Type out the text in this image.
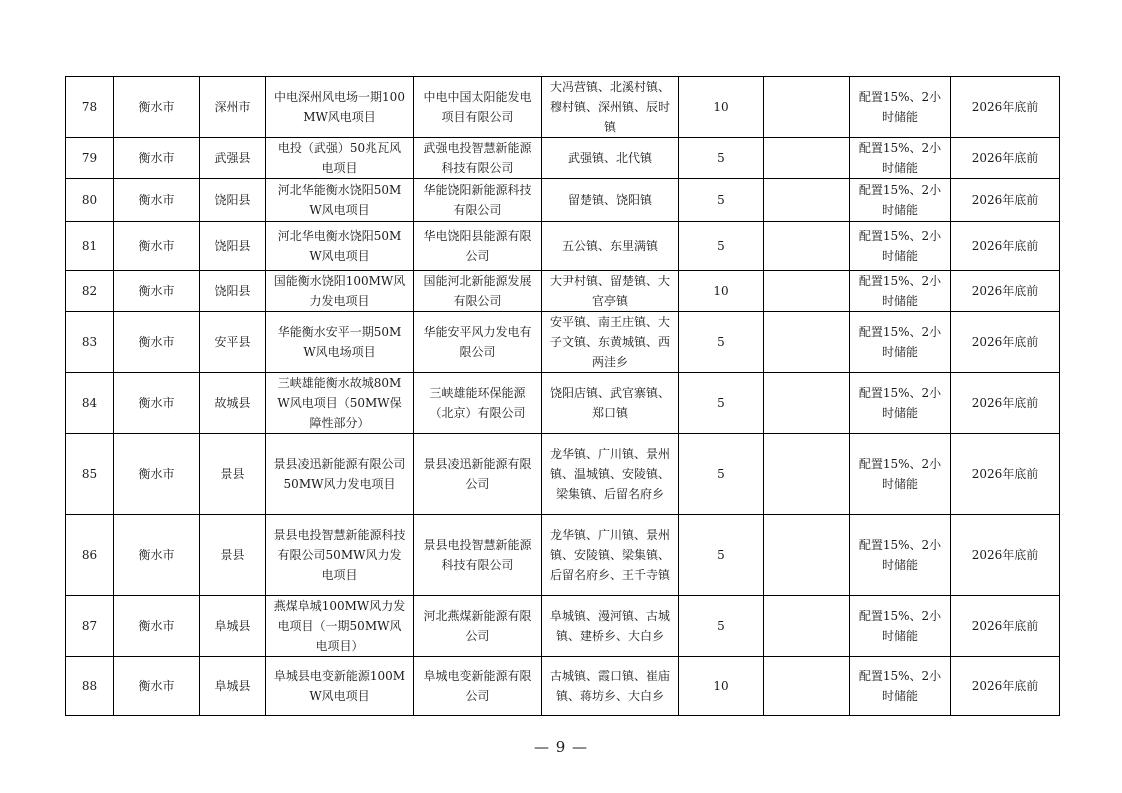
78	衡水市	深州市	中电深州风电场一期100MW风电项目	中电中国太阳能发电项目有限公司	大冯营镇、北溪村镇、穆村镇、深州镇、辰时镇	10		配置15%、2小时储能	2026年底前
79	衡水市	武强县	电投（武强）50兆瓦风电项目	武强电投智慧新能源科技有限公司	武强镇、北代镇	5		配置15%、2小时储能	2026年底前
80	衡水市	饶阳县	河北华能衡水饶阳50MW风电项目	华能饶阳新能源科技有限公司	留楚镇、饶阳镇	5		配置15%、2小时储能	2026年底前
81	衡水市	饶阳县	河北华电衡水饶阳50MW风电项目	华电饶阳县能源有限公司	五公镇、东里满镇	5		配置15%、2小时储能	2026年底前
82	衡水市	饶阳县	国能衡水饶阳100MW风力发电项目	国能河北新能源发展有限公司	大尹村镇、留楚镇、大官亭镇	10		配置15%、2小时储能	2026年底前
83	衡水市	安平县	华能衡水安平一期50MW风电场项目	华能安平风力发电有限公司	安平镇、南王庄镇、大子文镇、东黄城镇、西两洼乡	5		配置15%、2小时储能	2026年底前
84	衡水市	故城县	三峡雄能衡水故城80MW风电项目（50MW保障性部分）	三峡雄能环保能源（北京）有限公司	饶阳店镇、武官寨镇、郑口镇	5		配置15%、2小时储能	2026年底前
85	衡水市	景县	景县凌迅新能源有限公司50MW风力发电项目	景县凌迅新能源有限公司	龙华镇、广川镇、景州镇、温城镇、安陵镇、梁集镇、后留名府乡	5		配置15%、2小时储能	2026年底前
86	衡水市	景县	景县电投智慧新能源科技有限公司50MW风力发电项目	景县电投智慧新能源科技有限公司	龙华镇、广川镇、景州镇、安陵镇、梁集镇、后留名府乡、王千寺镇	5		配置15%、2小时储能	2026年底前
87	衡水市	阜城县	燕煤阜城100MW风力发电项目（一期50MW风电项目）	河北燕煤新能源有限公司	阜城镇、漫河镇、古城镇、建桥乡、大白乡	5		配置15%、2小时储能	2026年底前
88	衡水市	阜城县	阜城县电变新能源100MW风电项目	阜城电变新能源有限公司	古城镇、霞口镇、崔庙镇、蒋坊乡、大白乡	10		配置15%、2小时储能	2026年底前
— 9 —
